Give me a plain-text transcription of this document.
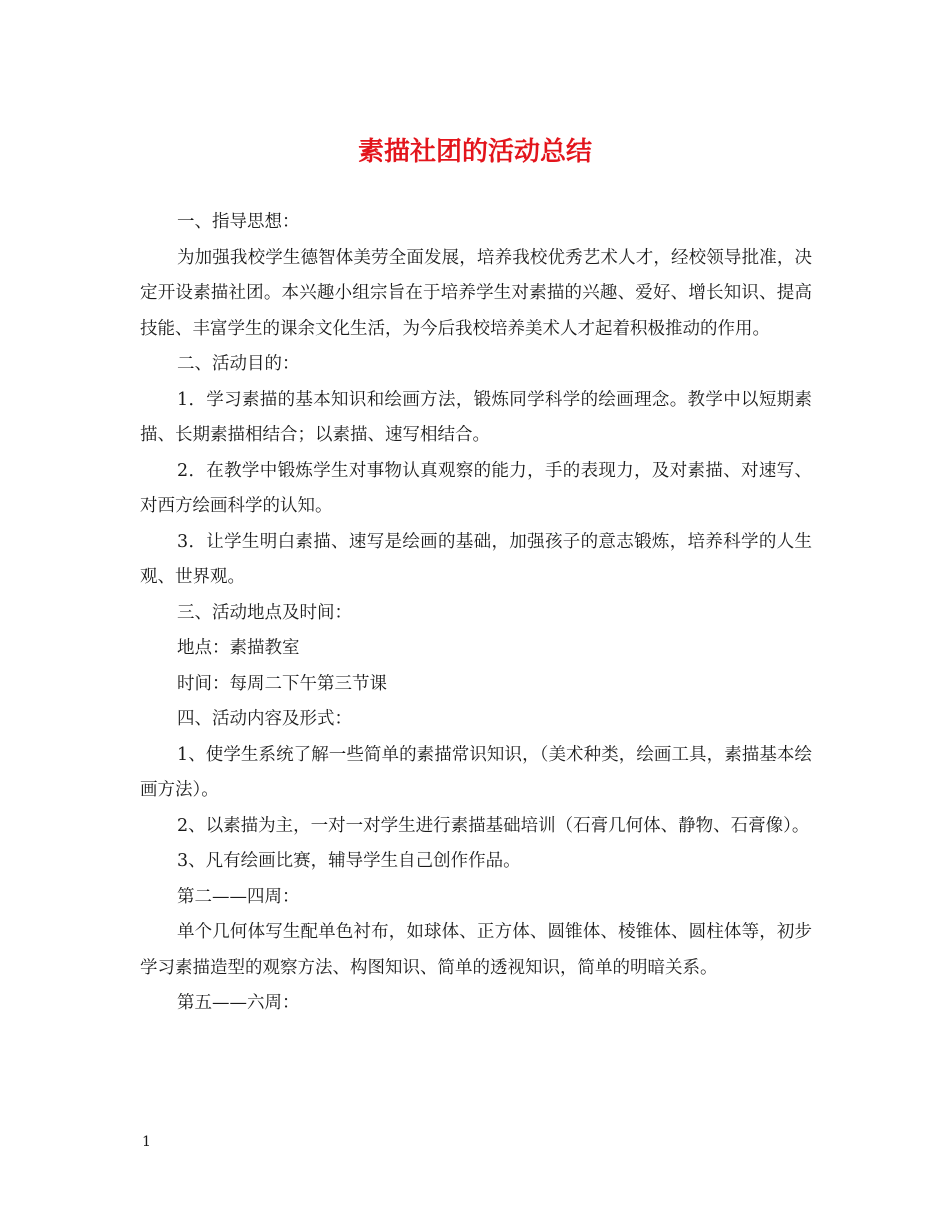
素描社团的活动总结

一、指导思想：

为加强我校学生德智体美劳全面发展，培养我校优秀艺术人才，经校领导批准，决定开设素描社团。本兴趣小组宗旨在于培养学生对素描的兴趣、爱好、增长知识、提高技能、丰富学生的课余文化生活，为今后我校培养美术人才起着积极推动的作用。

二、活动目的：

1．学习素描的基本知识和绘画方法，锻炼同学科学的绘画理念。教学中以短期素描、长期素描相结合；以素描、速写相结合。

2．在教学中锻炼学生对事物认真观察的能力，手的表现力，及对素描、对速写、对西方绘画科学的认知。

3．让学生明白素描、速写是绘画的基础，加强孩子的意志锻炼，培养科学的人生观、世界观。

三、活动地点及时间：

地点：素描教室

时间：每周二下午第三节课

四、活动内容及形式：

1、使学生系统了解一些简单的素描常识知识，（美术种类，绘画工具，素描基本绘画方法）。

2、以素描为主，一对一对学生进行素描基础培训（石膏几何体、静物、石膏像）。

3、凡有绘画比赛，辅导学生自己创作作品。

第二——四周：

单个几何体写生配单色衬布，如球体、正方体、圆锥体、棱锥体、圆柱体等，初步学习素描造型的观察方法、构图知识、简单的透视知识，简单的明暗关系。

第五——六周：

1
